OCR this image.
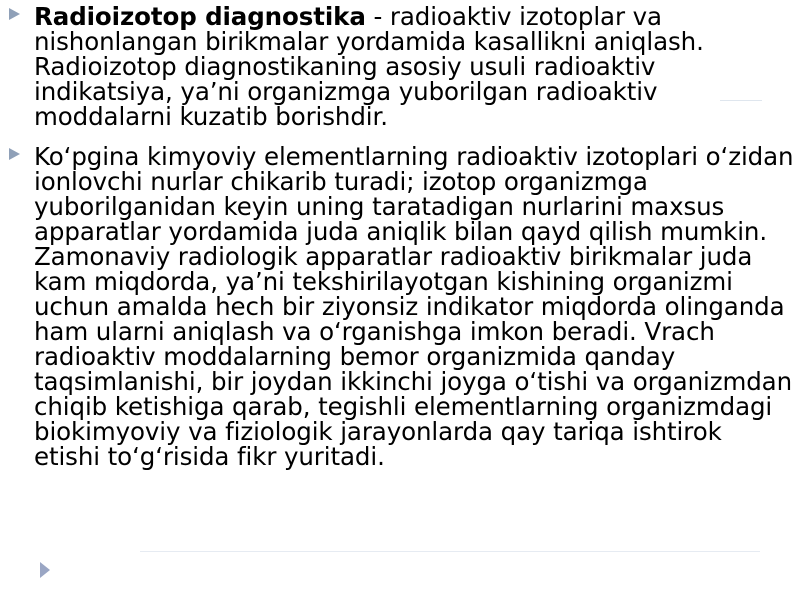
Radioizotop diagnostika - radioaktiv izotoplar va nishonlangan birikmalar yordamida kasallikni aniqlash. Radioizotop diagnostikaning asosiy usuli radioaktiv indikatsiya, ya’ni organizmga yuborilgan radioaktiv moddalarni kuzatib borishdir.
Ko‘pgina kimyoviy elementlarning radioaktiv izotoplari o‘zidan ionlovchi nurlar chikarib turadi; izotop organizmga yuborilganidan keyin uning taratadigan nurlarini maxsus apparatlar yordamida juda aniqlik bilan qayd qilish mumkin. Zamonaviy radiologik apparatlar radioaktiv birikmalar juda kam miqdorda, ya’ni tekshirilayotgan kishining organizmi uchun amalda hech bir ziyonsiz indikator miqdorda olinganda ham ularni aniqlash va o‘rganishga imkon beradi. Vrach radioaktiv moddalarning bemor organizmida qanday taqsimlanishi, bir joydan ikkinchi joyga o‘tishi va organizmdan chiqib ketishiga qarab, tegishli elementlarning organizmdagi biokimyoviy va fiziologik jarayonlarda qay tariqa ishtirok etishi to‘g‘risida fikr yuritadi.
